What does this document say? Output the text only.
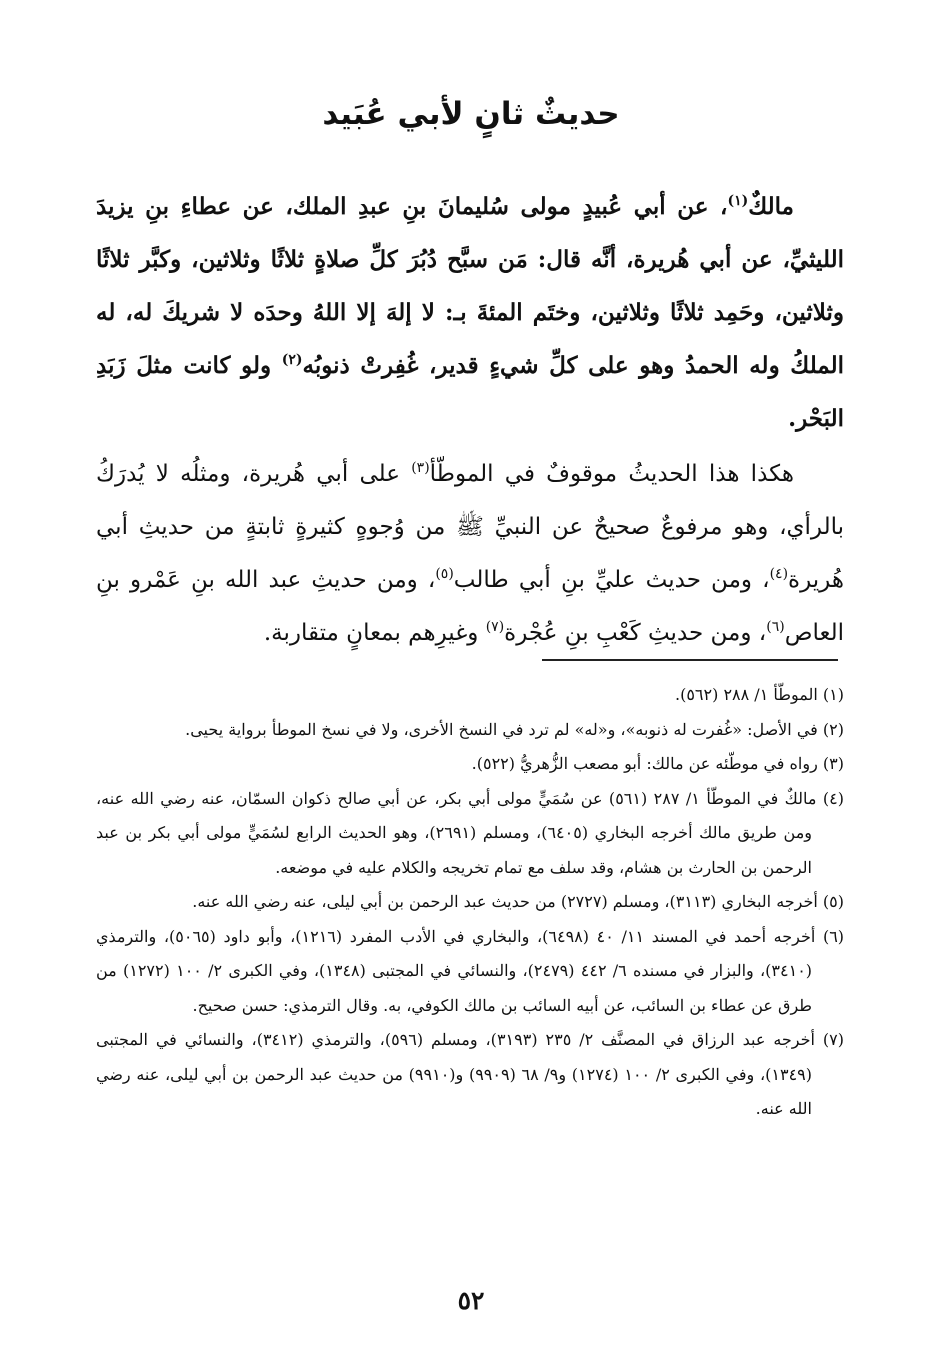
حديثٌ ثانٍ لأبي عُبَيد

مالكٌ$^{(١)}$، عن أبي عُبيدٍ مولى سُليمانَ بنِ عبدِ الملك، عن عطاءِ بنِ يزيدَ الليثيِّ، عن أبي هُريرة، أنَّه قال: مَن سبَّح دُبُرَ كلِّ صلاةٍ ثلاثًا وثلاثين، وكبَّر ثلاثًا وثلاثين، وحَمِد ثلاثًا وثلاثين، وختَم المئةَ بـ: لا إلهَ إلا اللهُ وحدَه لا شريكَ له، له الملكُ وله الحمدُ وهو على كلِّ شيءٍ قدير، غُفِرتْ ذنوبُه$^{(٢)}$ ولو كانت مثلَ زَبَدِ البَحْر.

هكذا هذا الحديثُ موقوفٌ في الموطّأ$^{(٣)}$ على أبي هُريرة، ومثلُه لا يُدرَكُ بالرأي، وهو مرفوعٌ صحيحٌ عن النبيِّ ﷺ من وُجوهٍ كثيرةٍ ثابتةٍ من حديثِ أبي هُريرة$^{(٤)}$، ومن حديث عليِّ بنِ أبي طالب$^{(٥)}$، ومن حديثِ عبد الله بنِ عَمْرو بنِ العاص$^{(٦)}$، ومن حديثِ كَعْبِ بنِ عُجْرة$^{(٧)}$ وغيرِهم بمعانٍ متقاربة.

(١) الموطّأ ١/ ٢٨٨ (٥٦٢).

(٢) في الأصل: «غُفرت له ذنوبه»، و«له» لم ترد في النسخ الأخرى، ولا في نسخ الموطأ برواية يحيى.

(٣) رواه في موطّئه عن مالك: أبو مصعب الزُّهريُّ (٥٢٢).

(٤) مالكٌ في الموطّأ ١/ ٢٨٧ (٥٦١) عن سُمَيٍّ مولى أبي بكر، عن أبي صالح ذكوان السمّان، عنه رضي الله عنه، ومن طريق مالك أخرجه البخاري (٦٤٠٥)، ومسلم (٢٦٩١)، وهو الحديث الرابع لسُمَيٍّ مولى أبي بكر بن عبد الرحمن بن الحارث بن هشام، وقد سلف مع تمام تخريجه والكلام عليه في موضعه.

(٥) أخرجه البخاري (٣١١٣)، ومسلم (٢٧٢٧) من حديث عبد الرحمن بن أبي ليلى، عنه رضي الله عنه.

(٦) أخرجه أحمد في المسند ١١/ ٤٠ (٦٤٩٨)، والبخاري في الأدب المفرد (١٢١٦)، وأبو داود (٥٠٦٥)، والترمذي (٣٤١٠)، والبزار في مسنده ٦/ ٤٤٢ (٢٤٧٩)، والنسائي في المجتبى (١٣٤٨)، وفي الكبرى ٢/ ١٠٠ (١٢٧٢) من طرق عن عطاء بن السائب، عن أبيه السائب بن مالك الكوفي، به. وقال الترمذي: حسن صحيح.

(٧) أخرجه عبد الرزاق في المصنَّف ٢/ ٢٣٥ (٣١٩٣)، ومسلم (٥٩٦)، والترمذي (٣٤١٢)، والنسائي في المجتبى (١٣٤٩)، وفي الكبرى ٢/ ١٠٠ (١٢٧٤) و٩/ ٦٨ (٩٩٠٩) و(٩٩١٠) من حديث عبد الرحمن بن أبي ليلى، عنه رضي الله عنه.

٥٢
